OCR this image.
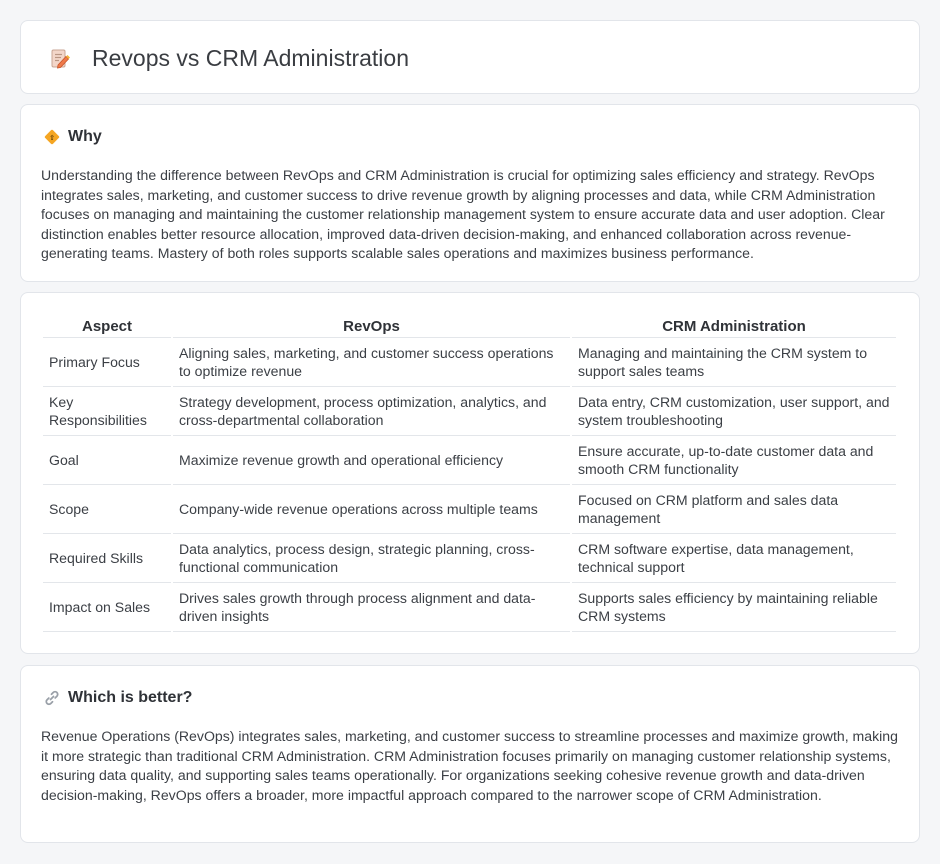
Revops vs CRM Administration
⇧ Why

Understanding the difference between RevOps and CRM Administration is crucial for optimizing sales efficiency and strategy. RevOps integrates sales, marketing, and customer success to drive revenue growth by aligning processes and data, while CRM Administration focuses on managing and maintaining the customer relationship management system to ensure accurate data and user adoption. Clear distinction enables better resource allocation, improved data-driven decision-making, and enhanced collaboration across revenue-generating teams. Mastery of both roles supports scalable sales operations and maximizes business performance.

Aspect	RevOps	CRM Administration
Primary Focus	Aligning sales, marketing, and customer success operations to optimize revenue	Managing and maintaining the CRM system to support sales teams
Key Responsibilities	Strategy development, process optimization, analytics, and cross-departmental collaboration	Data entry, CRM customization, user support, and system troubleshooting
Goal	Maximize revenue growth and operational efficiency	Ensure accurate, up-to-date customer data and smooth CRM functionality
Scope	Company-wide revenue operations across multiple teams	Focused on CRM platform and sales data management
Required Skills	Data analytics, process design, strategic planning, cross-functional communication	CRM software expertise, data management, technical support
Impact on Sales	Drives sales growth through process alignment and data-driven insights	Supports sales efficiency by maintaining reliable CRM systems
Which is better?

Revenue Operations (RevOps) integrates sales, marketing, and customer success to streamline processes and maximize growth, making it more strategic than traditional CRM Administration. CRM Administration focuses primarily on managing customer relationship systems, ensuring data quality, and supporting sales teams operationally. For organizations seeking cohesive revenue growth and data-driven decision-making, RevOps offers a broader, more impactful approach compared to the narrower scope of CRM Administration.
